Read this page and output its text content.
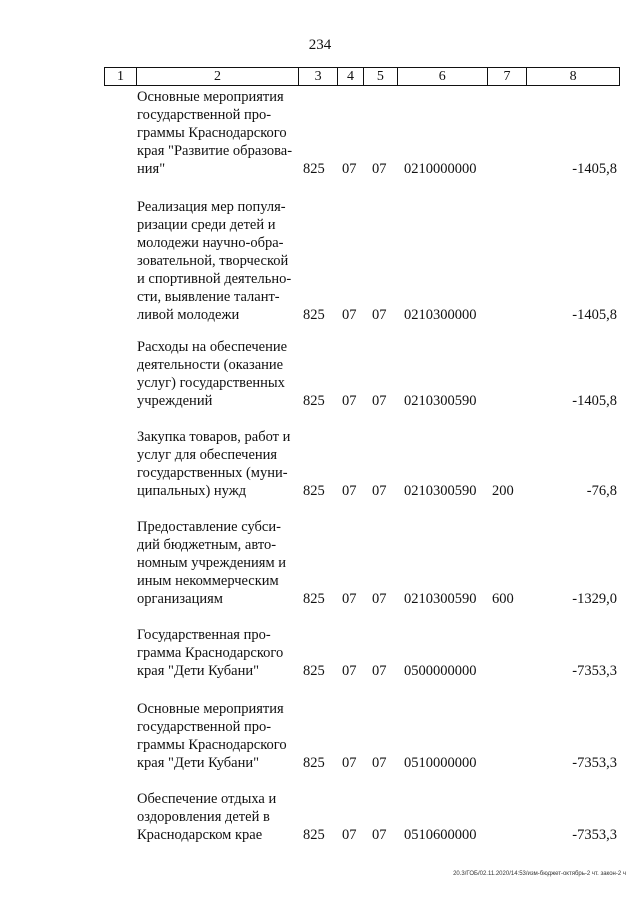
234
1	2	3	4	5	6	7	8
Основные мероприятия
государственной про-
граммы Краснодарского
края "Развитие образова-
ния"	825 07 07 0210000000	-1405,8
Реализация мер популя-
ризации среди детей и
молодежи научно-обра-
зовательной, творческой
и спортивной деятельно-
сти, выявление талант-
ливой молодежи	825 07 07 0210300000	-1405,8
Расходы на обеспечение
деятельности (оказание
услуг) государственных
учреждений	825 07 07 0210300590	-1405,8
Закупка товаров, работ и
услуг для обеспечения
государственных (муни-
ципальных) нужд	825 07 07 0210300590 200	-76,8
Предоставление субси-
дий бюджетным, авто-
номным учреждениям и
иным некоммерческим
организациям	825 07 07 0210300590 600	-1329,0
Государственная про-
грамма Краснодарского
края "Дети Кубани"	825 07 07 0500000000	-7353,3
Основные мероприятия
государственной про-
граммы Краснодарского
края "Дети Кубани"	825 07 07 0510000000	-7353,3
Обеспечение отдыха и
оздоровления детей в
Краснодарском крае	825 07 07 0510600000	-7353,3
20.3/ГОБ/02.11.2020/14:53/изм-бюджет-октябрь-2 чт. закон-2 ч
